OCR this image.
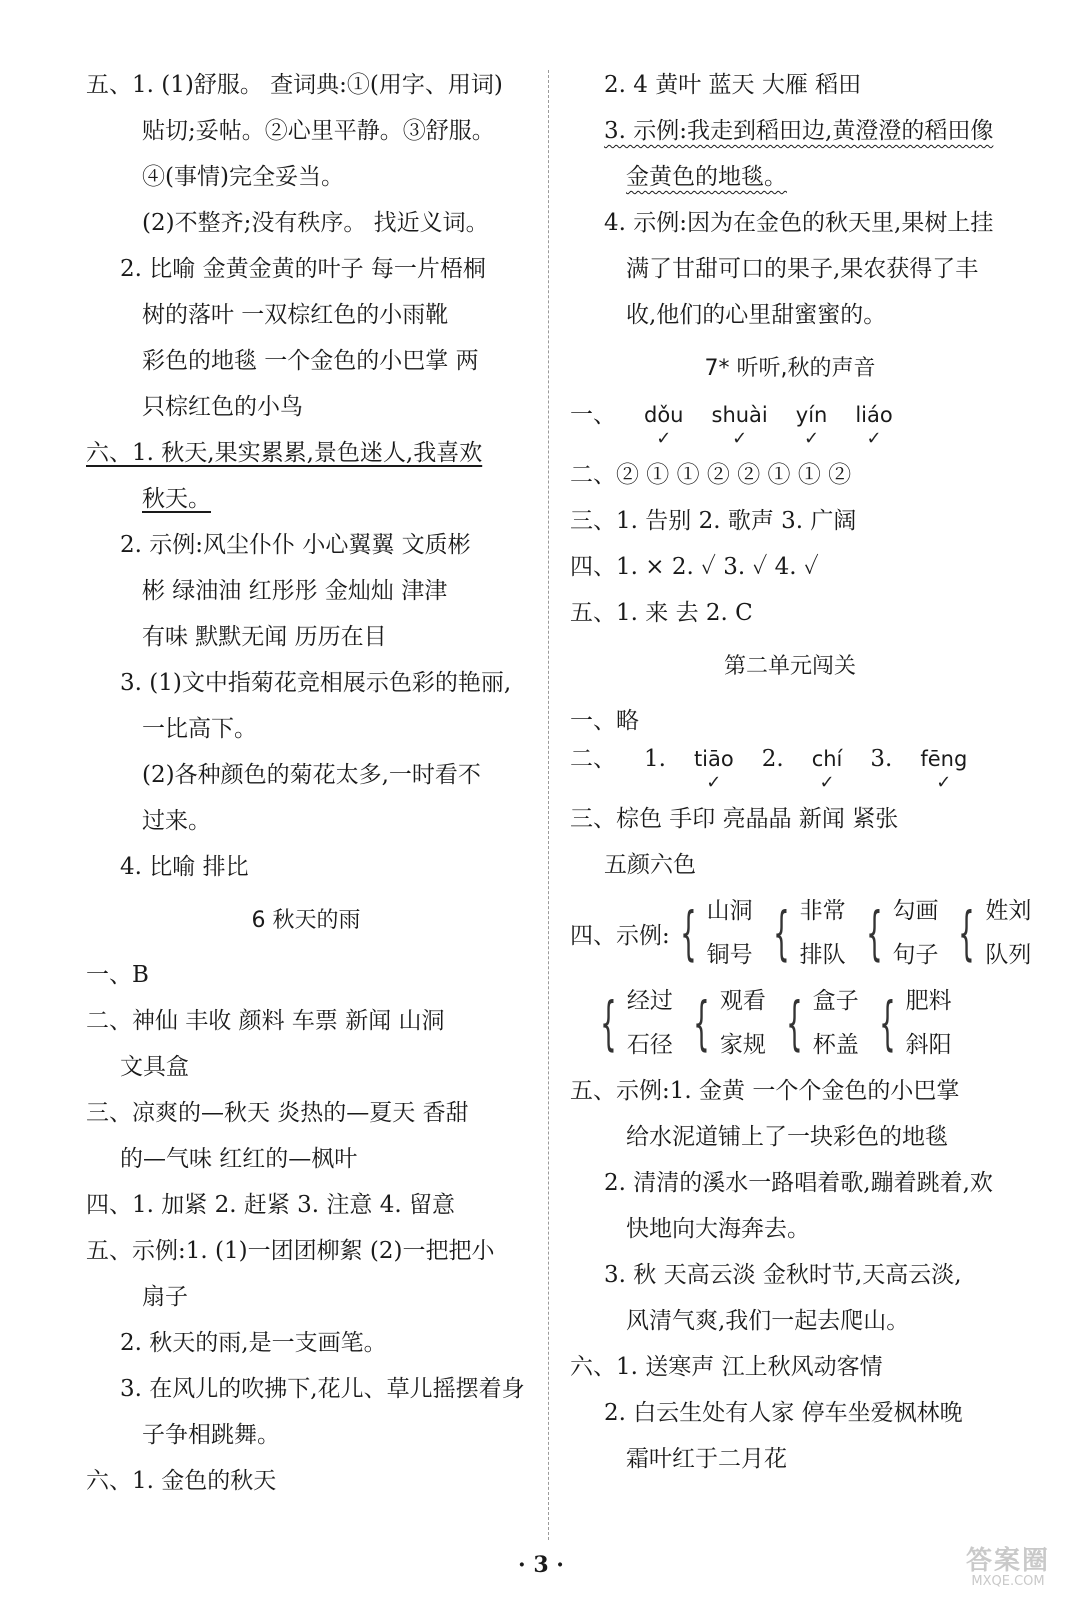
五、1. (1)舒服。 查词典:①(用字、用词)
贴切;妥帖。②心里平静。③舒服。
④(事情)完全妥当。
(2)不整齐;没有秩序。 找近义词。
2. 比喻 金黄金黄的叶子 每一片梧桐
树的落叶 一双棕红色的小雨靴
彩色的地毯 一个金色的小巴掌 两
只棕红色的小鸟
六、1. 秋天,果实累累,景色迷人,我喜欢
秋天。
2. 示例:风尘仆仆 小心翼翼 文质彬
彬 绿油油 红彤彤 金灿灿 津津
有味 默默无闻 历历在目
3. (1)文中指菊花竞相展示色彩的艳丽,
一比高下。
(2)各种颜色的菊花太多,一时看不
过来。
4. 比喻 排比
6 秋天的雨
一、B
二、神仙 丰收 颜料 车票 新闻 山洞
文具盒
三、凉爽的—秋天 炎热的—夏天 香甜
的—气味 红红的—枫叶
四、1. 加紧 2. 赶紧 3. 注意 4. 留意
五、示例:1. (1)一团团柳絮 (2)一把把小
扇子
2. 秋天的雨,是一支画笔。
3. 在风儿的吹拂下,花儿、草儿摇摆着身
子争相跳舞。
六、1. 金色的秋天
2. 4 黄叶 蓝天 大雁 稻田
3. 示例:我走到稻田边,黄澄澄的稻田像
金黄色的地毯。
4. 示例:因为在金色的秋天里,果树上挂
满了甘甜可口的果子,果农获得了丰
收,他们的心里甜蜜蜜的。
7* 听听,秋的声音
一、 dǒu
✓
shuài
✓
yín
✓
liáo
✓
二、② ① ① ② ② ① ① ②
三、1. 告别 2. 歌声 3. 广阔
四、1. × 2. ✓ 3. ✓ 4. ✓
五、1. 来 去 2. C
第二单元闯关
一、略
二、 1. tiāo
✓
2. chí
✓
3. fēng
✓
三、棕色 手印 亮晶晶 新闻 紧张
五颜六色
四、示例: { 山洞
铜号 { 非常
排队 { 勾画
句子 { 姓刘
队列
{ 经过
石径 { 观看
家规 { 盒子
杯盖 { 肥料
斜阳
五、示例:1. 金黄 一个个金色的小巴掌
给水泥道铺上了一块彩色的地毯
2. 清清的溪水一路唱着歌,蹦着跳着,欢
快地向大海奔去。
3. 秋 天高云淡 金秋时节,天高云淡,
风清气爽,我们一起去爬山。
六、1. 送寒声 江上秋风动客情
2. 白云生处有人家 停车坐爱枫林晚
霜叶红于二月花
· 3 ·	答案圈
MXQE.COM
